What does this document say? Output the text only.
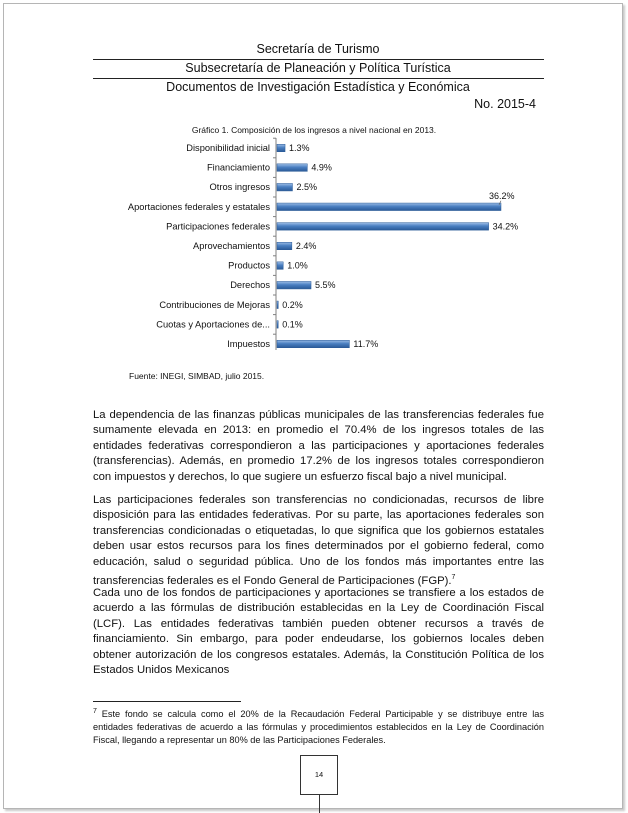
Secretaría de Turismo
Subsecretaría de Planeación y Política Turística
Documentos de Investigación Estadística y Económica
No. 2015-4
Gráfico 1. Composición de los ingresos a nivel nacional en 2013.
Disponibilidad inicial 1.3%
Financiamiento	4.9%
Otros ingresos	2.5%
Aportaciones federales y estatales
36.2%
Participaciones federales	34.2%
Aprovechamientos	2.4%
Productos 1.0%
Derechos	5.5%
Contribuciones de Mejoras 0.2%
Cuotas y Aportaciones de... 0.1%
Impuestos	11.7%
Fuente: INEGI, SIMBAD, julio 2015.

La dependencia de las finanzas públicas municipales de las transferencias federales fue sumamente elevada en 2013: en promedio el 70.4% de los ingresos totales de las entidades federativas correspondieron a las participaciones y aportaciones federales (transferencias). Además, en promedio 17.2% de los ingresos totales correspondieron con impuestos y derechos, lo que sugiere un esfuerzo fiscal bajo a nivel municipal.

Las participaciones federales son transferencias no condicionadas, recursos de libre disposición para las entidades federativas. Por su parte, las aportaciones federales son transferencias condicionadas o etiquetadas, lo que significa que los gobiernos estatales deben usar estos recursos para los fines determinados por el gobierno federal, como educación, salud o seguridad pública. Uno de los fondos más importantes entre las transferencias federales es el Fondo General de Participaciones (FGP).$^7$

Cada uno de los fondos de participaciones y aportaciones se transfiere a los estados de acuerdo a las fórmulas de distribución establecidas en la Ley de Coordinación Fiscal (LCF). Las entidades federativas también pueden obtener recursos a través de financiamiento. Sin embargo, para poder endeudarse, los gobiernos locales deben obtener autorización de los congresos estatales. Además, la Constitución Política de los Estados Unidos Mexicanos

$^7$ Este fondo se calcula como el 20% de la Recaudación Federal Participable y se distribuye entre las entidades federativas de acuerdo a las fórmulas y procedimientos establecidos en la Ley de Coordinación Fiscal, llegando a representar un 80% de las Participaciones Federales.

14
